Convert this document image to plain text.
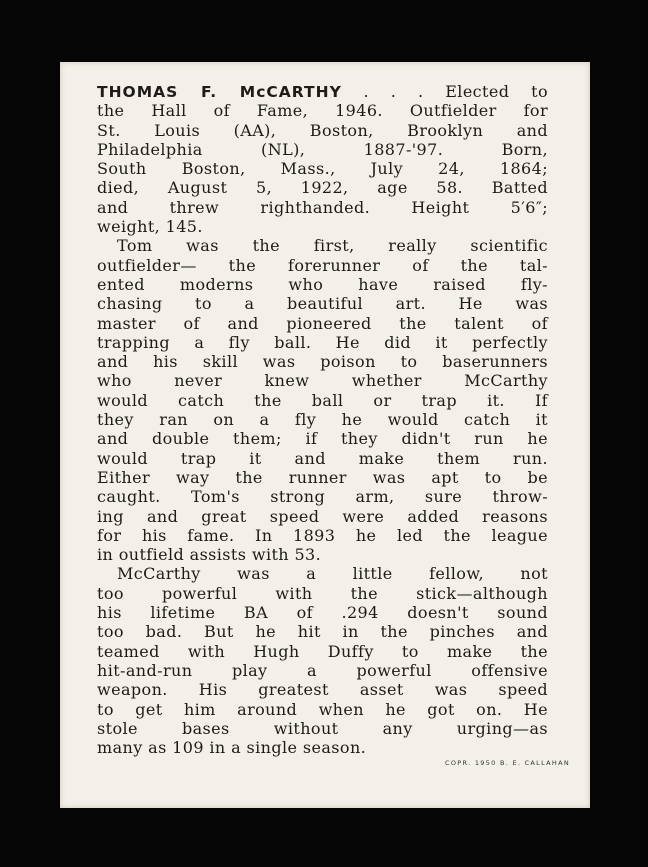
THOMAS F. McCARTHY . . . Elected to
the Hall of Fame, 1946. Outfielder for
St. Louis (AA), Boston, Brooklyn and
Philadelphia (NL), 1887-'97. Born,
South Boston, Mass., July 24, 1864;
died, August 5, 1922, age 58. Batted
and threw righthanded. Height 5′6″;
weight, 145.
Tom was the first, really scientific
outfielder— the forerunner of the tal-
ented moderns who have raised fly-
chasing to a beautiful art. He was
master of and pioneered the talent of
trapping a fly ball. He did it perfectly
and his skill was poison to baserunners
who never knew whether McCarthy
would catch the ball or trap it. If
they ran on a fly he would catch it
and double them; if they didn't run he
would trap it and make them run.
Either way the runner was apt to be
caught. Tom's strong arm, sure throw-
ing and great speed were added reasons
for his fame. In 1893 he led the league
in outfield assists with 53.
McCarthy was a little fellow, not
too powerful with the stick—although
his lifetime BA of .294 doesn't sound
too bad. But he hit in the pinches and
teamed with Hugh Duffy to make the
hit-and-run play a powerful offensive
weapon. His greatest asset was speed
to get him around when he got on. He
stole bases without any urging—as
many as 109 in a single season.
COPR. 1950 B. E. CALLAHAN
